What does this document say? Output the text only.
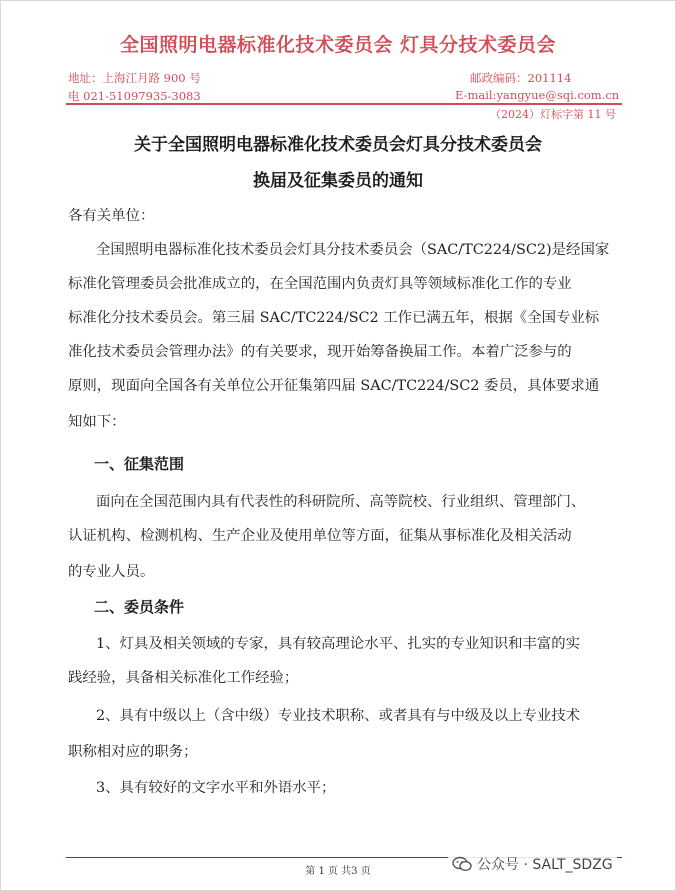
全国照明电器标准化技术委员会 灯具分技术委员会
地址：上海江月路 900 号	邮政编码：201114
电 021-51097935-3083	E-mail:yangyue@sqi.com.cn
（2024）灯标字第 11 号
关于全国照明电器标准化技术委员会灯具分技术委员会
换届及征集委员的通知
各有关单位：
全国照明电器标准化技术委员会灯具分技术委员会（SAC/TC224/SC2)是经国家
标准化管理委员会批准成立的，在全国范围内负责灯具等领域标准化工作的专业
标准化分技术委员会。第三届 SAC/TC224/SC2 工作已满五年，根据《全国专业标
准化技术委员会管理办法》的有关要求，现开始筹备换届工作。本着广泛参与的
原则，现面向全国各有关单位公开征集第四届 SAC/TC224/SC2 委员，具体要求通
知如下：
一、征集范围
面向在全国范围内具有代表性的科研院所、高等院校、行业组织、管理部门、
认证机构、检测机构、生产企业及使用单位等方面，征集从事标准化及相关活动
的专业人员。
二、委员条件
1、灯具及相关领域的专家，具有较高理论水平、扎实的专业知识和丰富的实
践经验，具备相关标准化工作经验；
2、具有中级以上（含中级）专业技术职称、或者具有与中级及以上专业技术
职称相对应的职务；
3、具有较好的文字水平和外语水平；
第 1 页 共3 页	公众号 · SALT_SDZG
